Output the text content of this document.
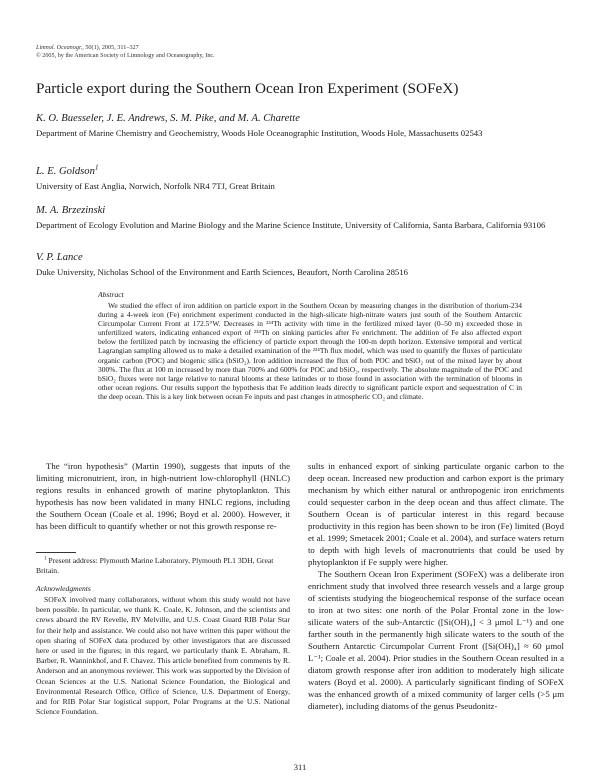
Limnol. Oceanogr., 50(1), 2005, 311–327
© 2005, by the American Society of Limnology and Oceanography, Inc.
Particle export during the Southern Ocean Iron Experiment (SOFeX)
K. O. Buesseler, J. E. Andrews, S. M. Pike, and M. A. Charette
Department of Marine Chemistry and Geochemistry, Woods Hole Oceanographic Institution, Woods Hole, Massachusetts 02543
L. E. Goldson$^1$
University of East Anglia, Norwich, Norfolk NR4 7TJ, Great Britain
M. A. Brzezinski
Department of Ecology Evolution and Marine Biology and the Marine Science Institute, University of California, Santa Barbara, California 93106
V. P. Lance
Duke University, Nicholas School of the Environment and Earth Sciences, Beaufort, North Carolina 28516
Abstract
We studied the effect of iron addition on particle export in the Southern Ocean by measuring changes in the distribution of thorium-234 during a 4-week iron (Fe) enrichment experiment conducted in the high-silicate high-nitrate waters just south of the Southern Antarctic Circumpolar Current Front at 172.5°W. Decreases in ²³⁴Th activity with time in the fertilized mixed layer (0–50 m) exceeded those in unfertilized waters, indicating enhanced export of ²³⁴Th on sinking particles after Fe enrichment. The addition of Fe also affected export below the fertilized patch by increasing the efficiency of particle export through the 100-m depth horizon. Extensive temporal and vertical Lagrangian sampling allowed us to make a detailed examination of the ²³⁴Th flux model, which was used to quantify the fluxes of particulate organic carbon (POC) and biogenic silica (bSiO₂). Iron addition increased the flux of both POC and bSiO₂ out of the mixed layer by about 300%. The flux at 100 m increased by more than 700% and 600% for POC and bSiO₂, respectively. The absolute magnitude of the POC and bSiO₂ fluxes were not large relative to natural blooms at these latitudes or to those found in association with the termination of blooms in other ocean regions. Our results support the hypothesis that Fe addition leads directly to significant particle export and sequestration of C in the deep ocean. This is a key link between ocean Fe inputs and past changes in atmospheric CO₂ and climate.

The “iron hypothesis” (Martin 1990), suggests that inputs of the limiting micronutrient, iron, in high-nutrient low-chlorophyll (HNLC) regions results in enhanced growth of marine phytoplankton. This hypothesis has now been validated in many HNLC regions, including the Southern Ocean (Coale et al. 1996; Boyd et al. 2000). However, it has been difficult to quantify whether or not this growth response re-

$^1$ Present address: Plymouth Marine Laboratory, Plymouth PL1 3DH, Great Britain.
Acknowledgments
SOFeX involved many collaborators, without whom this study would not have been possible. In particular, we thank K. Coale, K. Johnson, and the scientists and crews aboard the RV Revelle, RV Melville, and U.S. Coast Guard RIB Polar Star for their help and assistance. We could also not have written this paper without the open sharing of SOFeX data produced by other investigators that are discussed here or used in the figures; in this regard, we particularly thank E. Abraham, R. Barber, R. Wanninkhof, and F. Chavez. This article benefited from comments by R. Anderson and an anonymous reviewer. This work was supported by the Division of Ocean Sciences at the U.S. National Science Foundation, the Biological and Environmental Research Office, Office of Science, U.S. Department of Energy, and for RIB Polar Star logistical support, Polar Programs at the U.S. National Science Foundation.

sults in enhanced export of sinking particulate organic carbon to the deep ocean. Increased new production and carbon export is the primary mechanism by which either natural or anthropogenic iron enrichments could sequester carbon in the deep ocean and thus affect climate. The Southern Ocean is of particular interest in this regard because productivity in this region has been shown to be iron (Fe) limited (Boyd et al. 1999; Smetacek 2001; Coale et al. 2004), and surface waters return to depth with high levels of macronutrients that could be used by phytoplankton if Fe supply were higher.

The Southern Ocean Iron Experiment (SOFeX) was a deliberate iron enrichment study that involved three research vessels and a large group of scientists studying the biogeochemical response of the surface ocean to iron at two sites: one north of the Polar Frontal zone in the low-silicate waters of the sub-Antarctic ([Si(OH)₄] < 3 μmol L⁻¹) and one farther south in the permanently high silicate waters to the south of the Southern Antarctic Circumpolar Current Front ([Si(OH)₄] ≈ 60 μmol L⁻¹; Coale et al. 2004). Prior studies in the Southern Ocean resulted in a diatom growth response after iron addition to moderately high silicate waters (Boyd et al. 2000). A particularly significant finding of SOFeX was the enhanced growth of a mixed community of larger cells (>5 μm diameter), including diatoms of the genus Pseudonitz-

311
